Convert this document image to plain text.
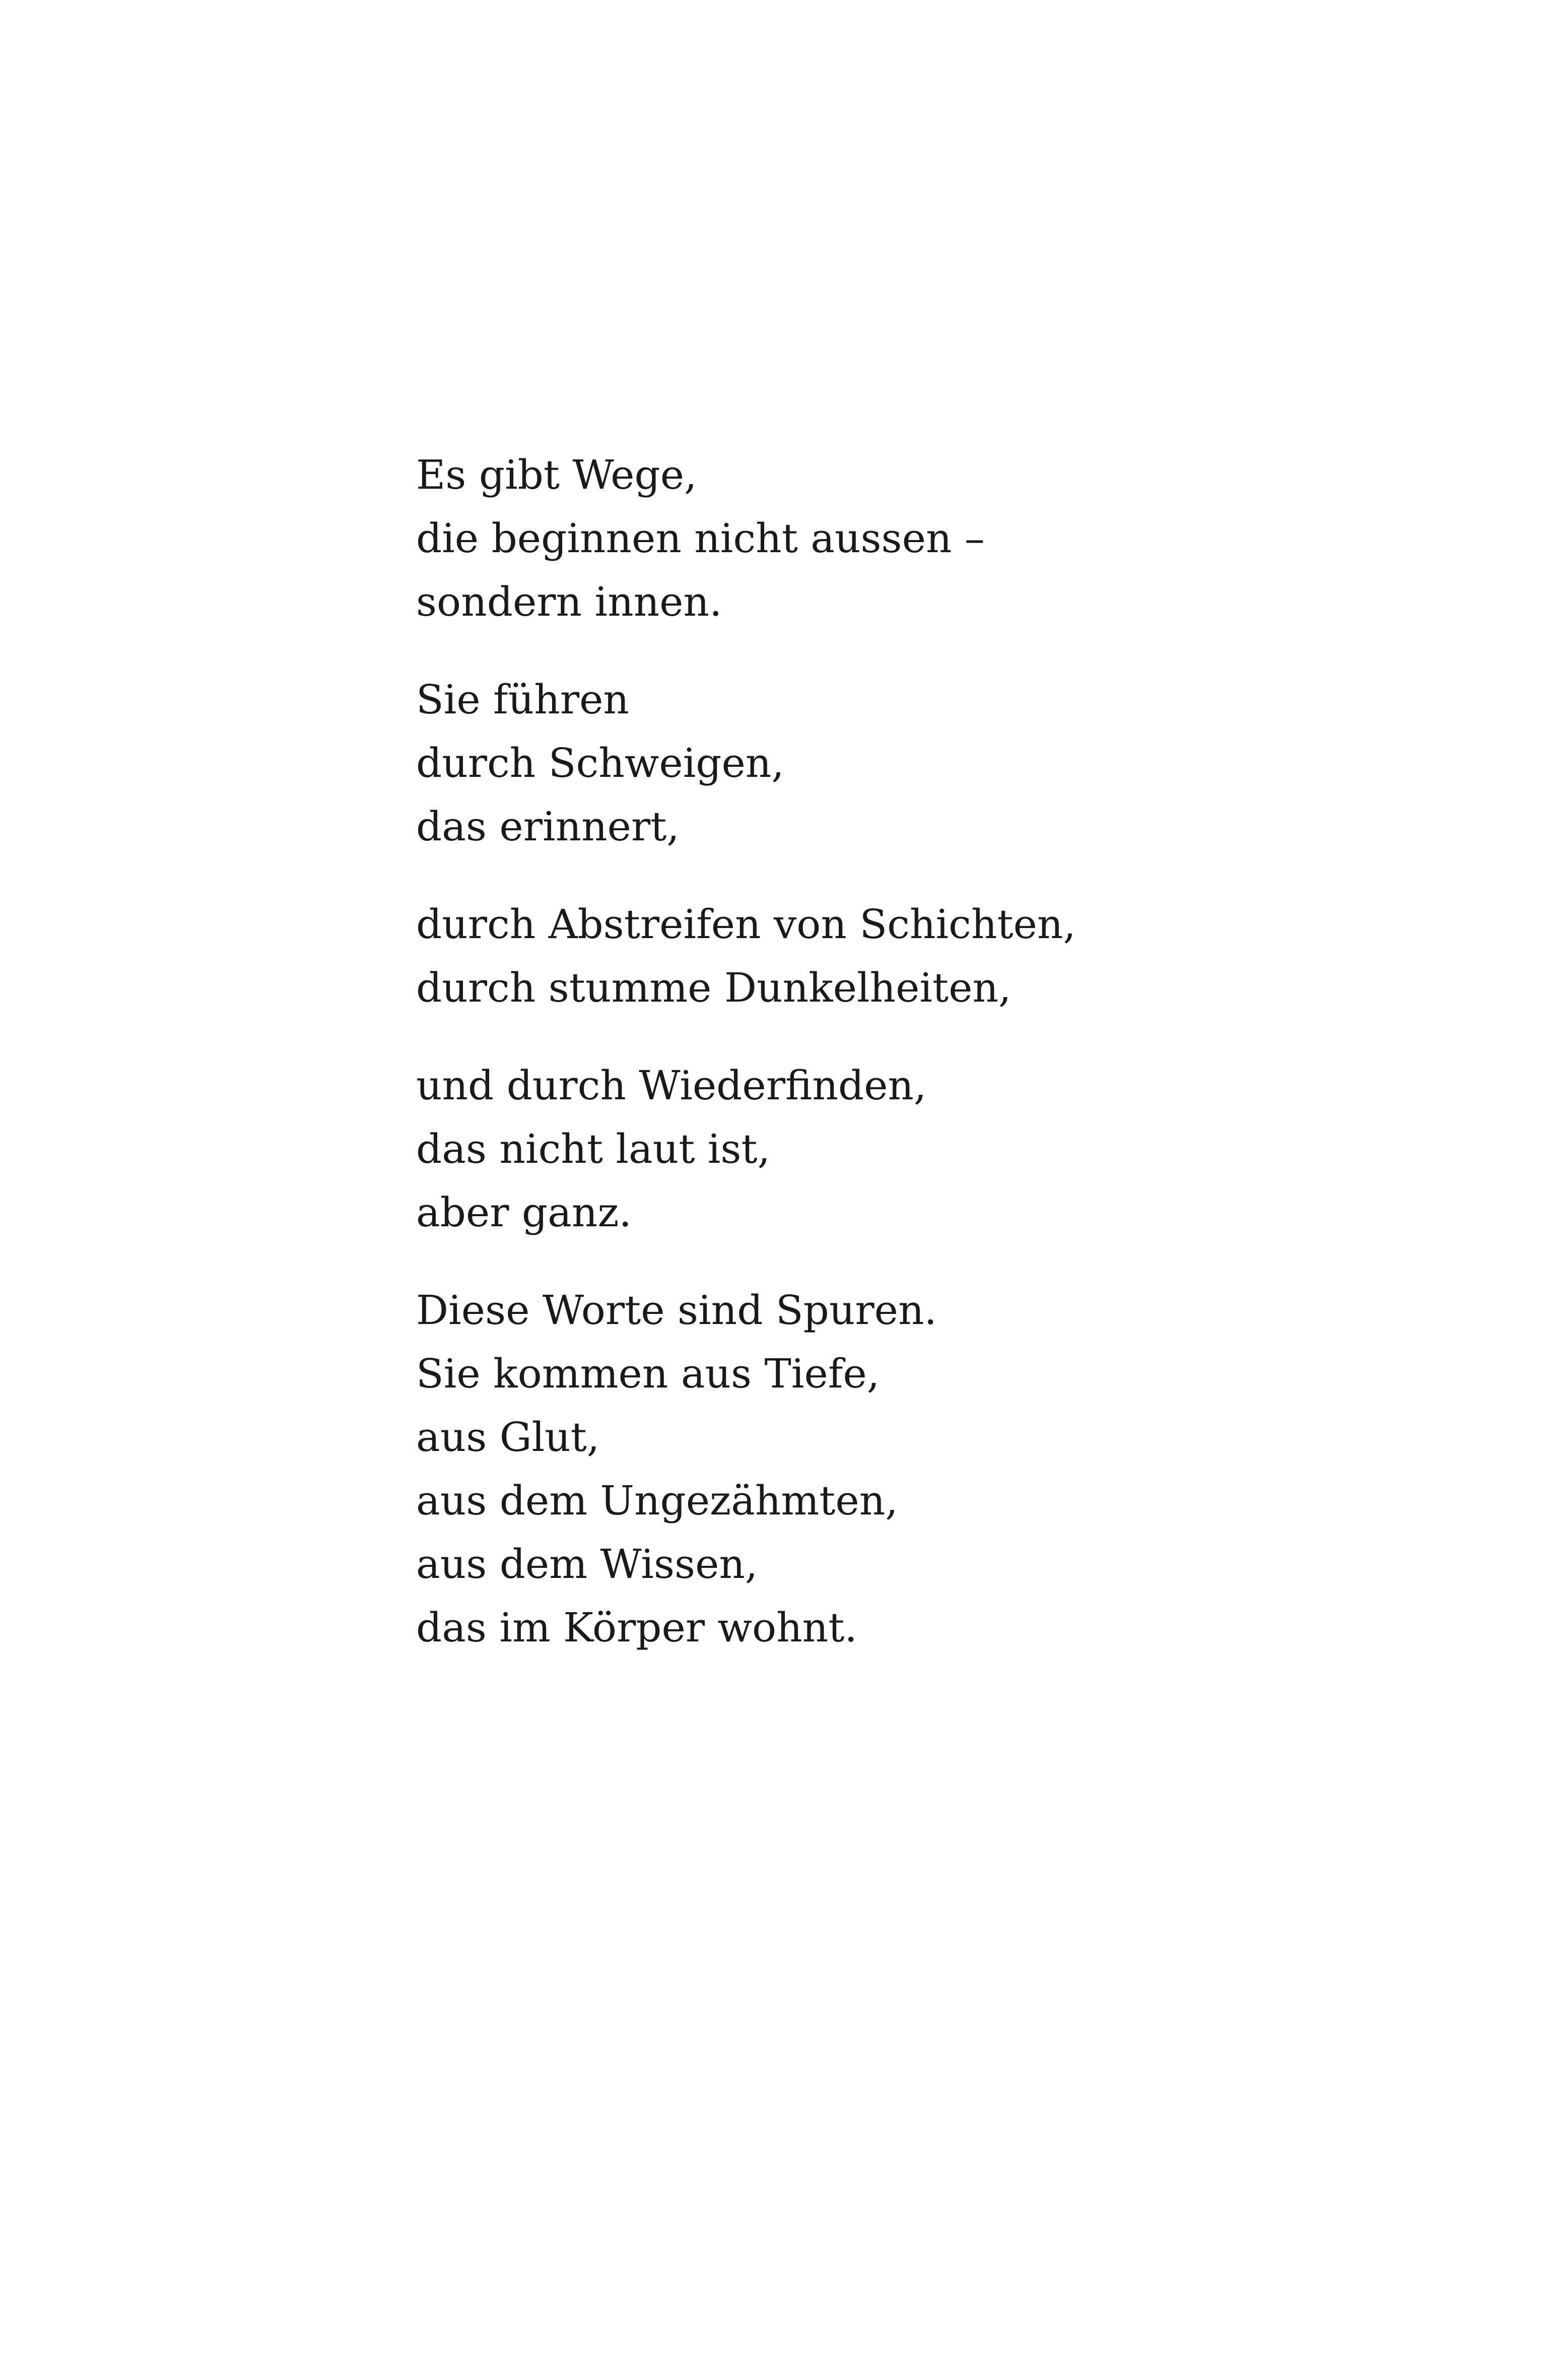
Es gibt Wege,
die beginnen nicht aussen –
sondern innen.
Sie führen
durch Schweigen,
das erinnert,
durch Abstreifen von Schichten,
durch stumme Dunkelheiten,
und durch Wiederfinden,
das nicht laut ist,
aber ganz.
Diese Worte sind Spuren.
Sie kommen aus Tiefe,
aus Glut,
aus dem Ungezähmten,
aus dem Wissen,
das im Körper wohnt.
